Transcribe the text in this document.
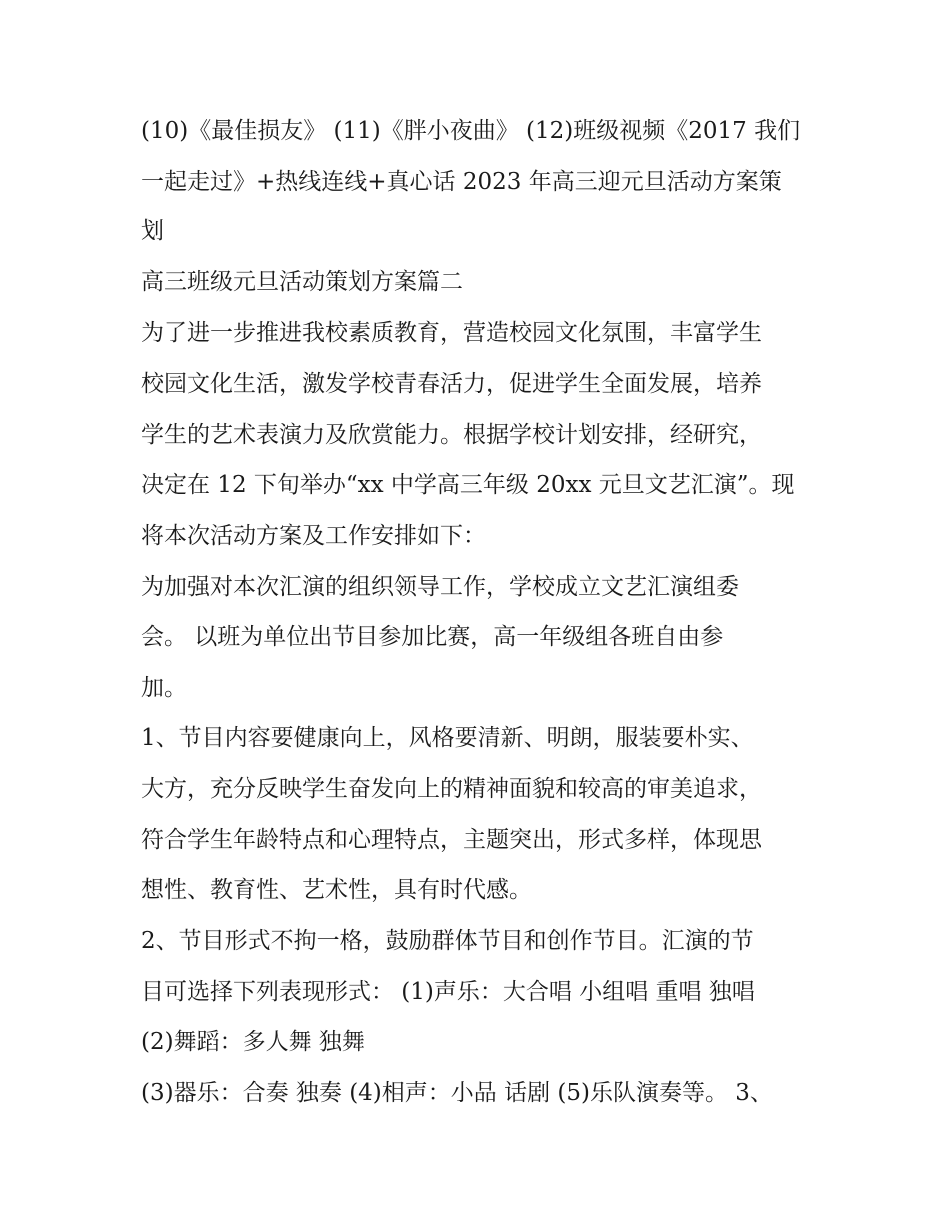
(10)《最佳损友》 (11)《胖小夜曲》 (12)班级视频《2017 我们
一起走过》+热线连线+真心话 2023 年高三迎元旦活动方案策
划
高三班级元旦活动策划方案篇二
为了进一步推进我校素质教育，营造校园文化氛围，丰富学生
校园文化生活，激发学校青春活力，促进学生全面发展，培养
学生的艺术表演力及欣赏能力。根据学校计划安排，经研究，
决定在 12 下旬举办“xx 中学高三年级 20xx 元旦文艺汇演”。现
将本次活动方案及工作安排如下：
为加强对本次汇演的组织领导工作，学校成立文艺汇演组委
会。 以班为单位出节目参加比赛，高一年级组各班自由参
加。
1、节目内容要健康向上，风格要清新、明朗，服装要朴实、
大方，充分反映学生奋发向上的精神面貌和较高的审美追求，
符合学生年龄特点和心理特点，主题突出，形式多样，体现思
想性、教育性、艺术性，具有时代感。
2、节目形式不拘一格，鼓励群体节目和创作节目。汇演的节
目可选择下列表现形式： (1)声乐：大合唱 小组唱 重唱 独唱
(2)舞蹈：多人舞 独舞
(3)器乐：合奏 独奏 (4)相声：小品 话剧 (5)乐队演奏等。 3、
